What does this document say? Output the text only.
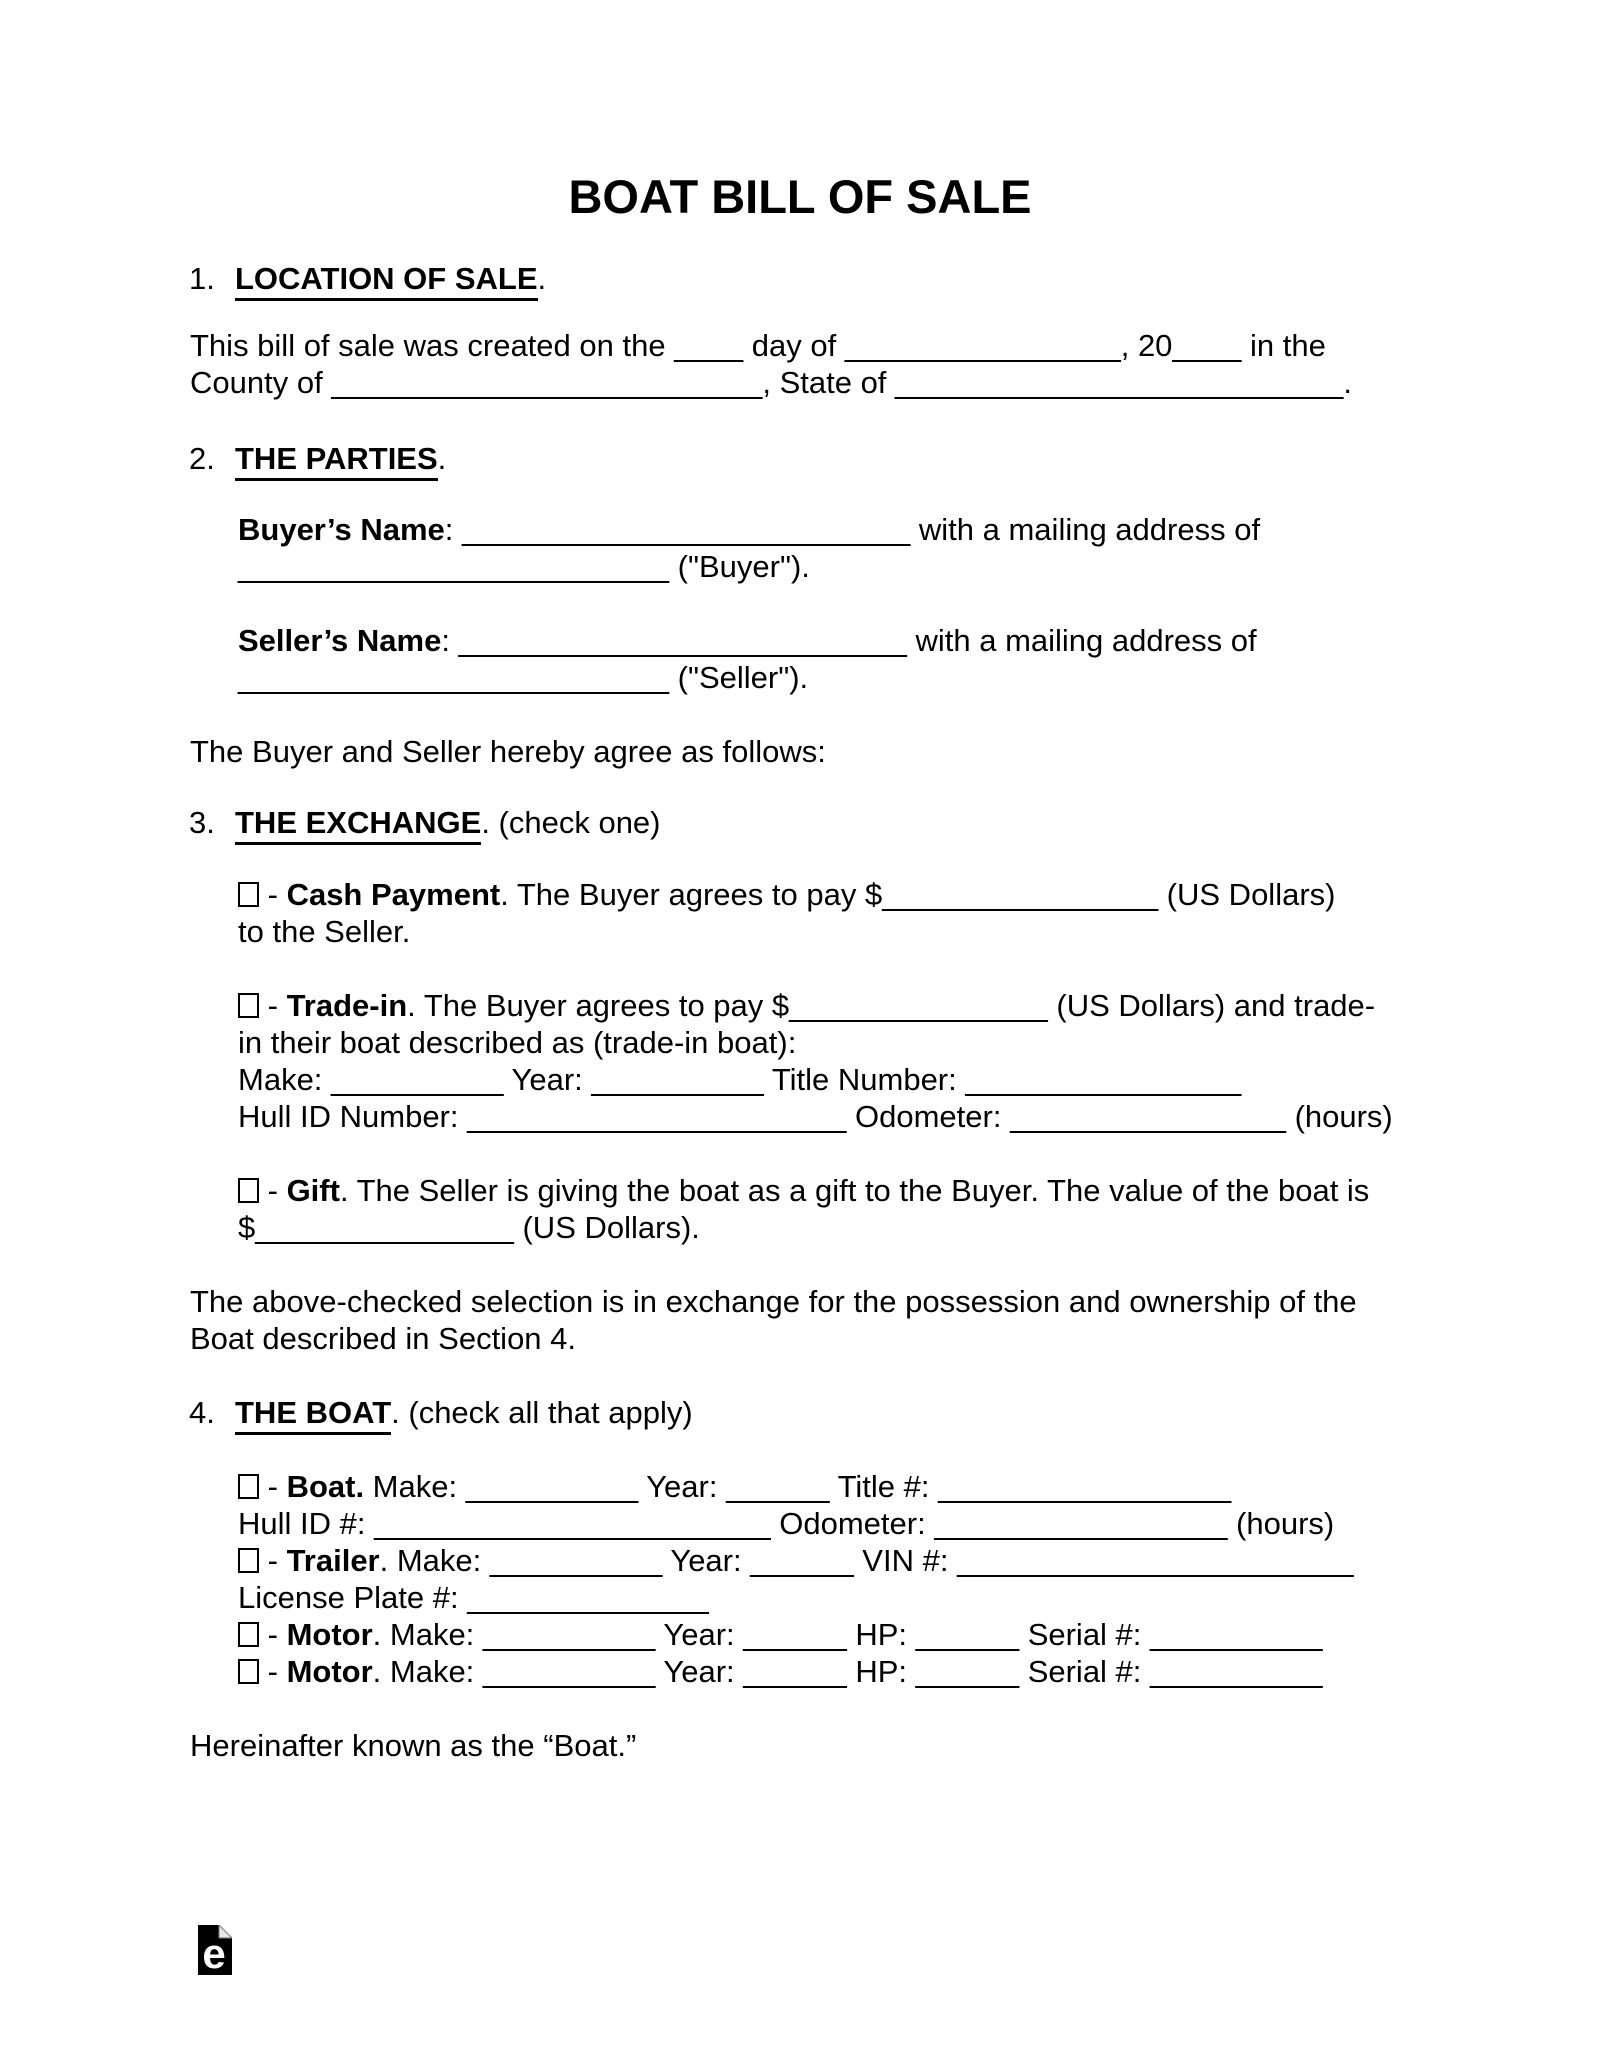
BOAT BILL OF SALE
1. LOCATION OF SALE.
This bill of sale was created on the ____ day of ________________, 20____ in the
County of _________________________, State of __________________________.
2. THE PARTIES.
Buyer’s Name: __________________________ with a mailing address of
_________________________ ("Buyer").
Seller’s Name: __________________________ with a mailing address of
_________________________ ("Seller").
The Buyer and Seller hereby agree as follows:
3. THE EXCHANGE. (check one)
- Cash Payment. The Buyer agrees to pay $________________ (US Dollars)
to the Seller.
- Trade-in. The Buyer agrees to pay $_______________ (US Dollars) and trade-
in their boat described as (trade-in boat):
Make: __________ Year: __________ Title Number: ________________
Hull ID Number: ______________________ Odometer: ________________ (hours)
- Gift. The Seller is giving the boat as a gift to the Buyer. The value of the boat is
$_______________ (US Dollars).
The above-checked selection is in exchange for the possession and ownership of the
Boat described in Section 4.
4. THE BOAT. (check all that apply)
- Boat. Make: __________ Year: ______ Title #: _________________
Hull ID #: _______________________ Odometer: _________________ (hours)
- Trailer. Make: __________ Year: ______ VIN #: _______________________
License Plate #: ______________
- Motor. Make: __________ Year: ______ HP: ______ Serial #: __________
- Motor. Make: __________ Year: ______ HP: ______ Serial #: __________
Hereinafter known as the “Boat.”
e
